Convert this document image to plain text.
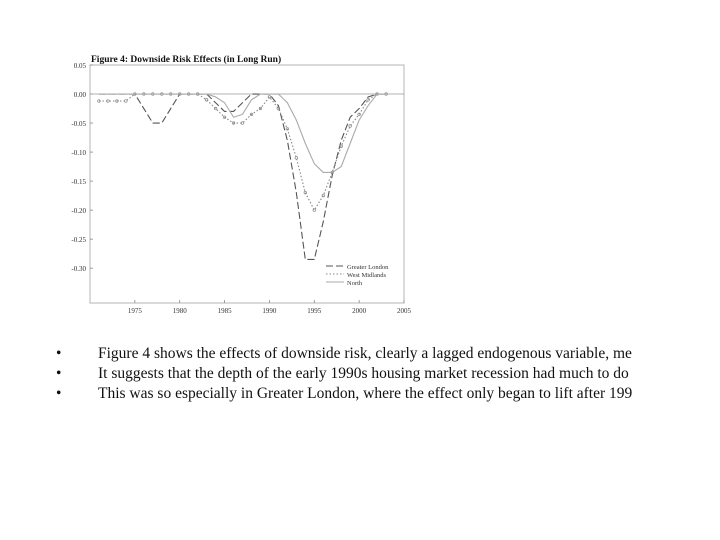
Figure 4: Downside Risk Effects (in Long Run)
0.05
0.00
-0.05
-0.10
-0.15
-0.20
-0.25
-0.30
1975	1980	1985	1990	1995	2000	2005
Greater London
West Midlands
North
• Figure 4 shows the effects of downside risk, clearly a lagged endogenous variable, me
• It suggests that the depth of the early 1990s housing market recession had much to do
• This was so especially in Greater London, where the effect only began to lift after 199
